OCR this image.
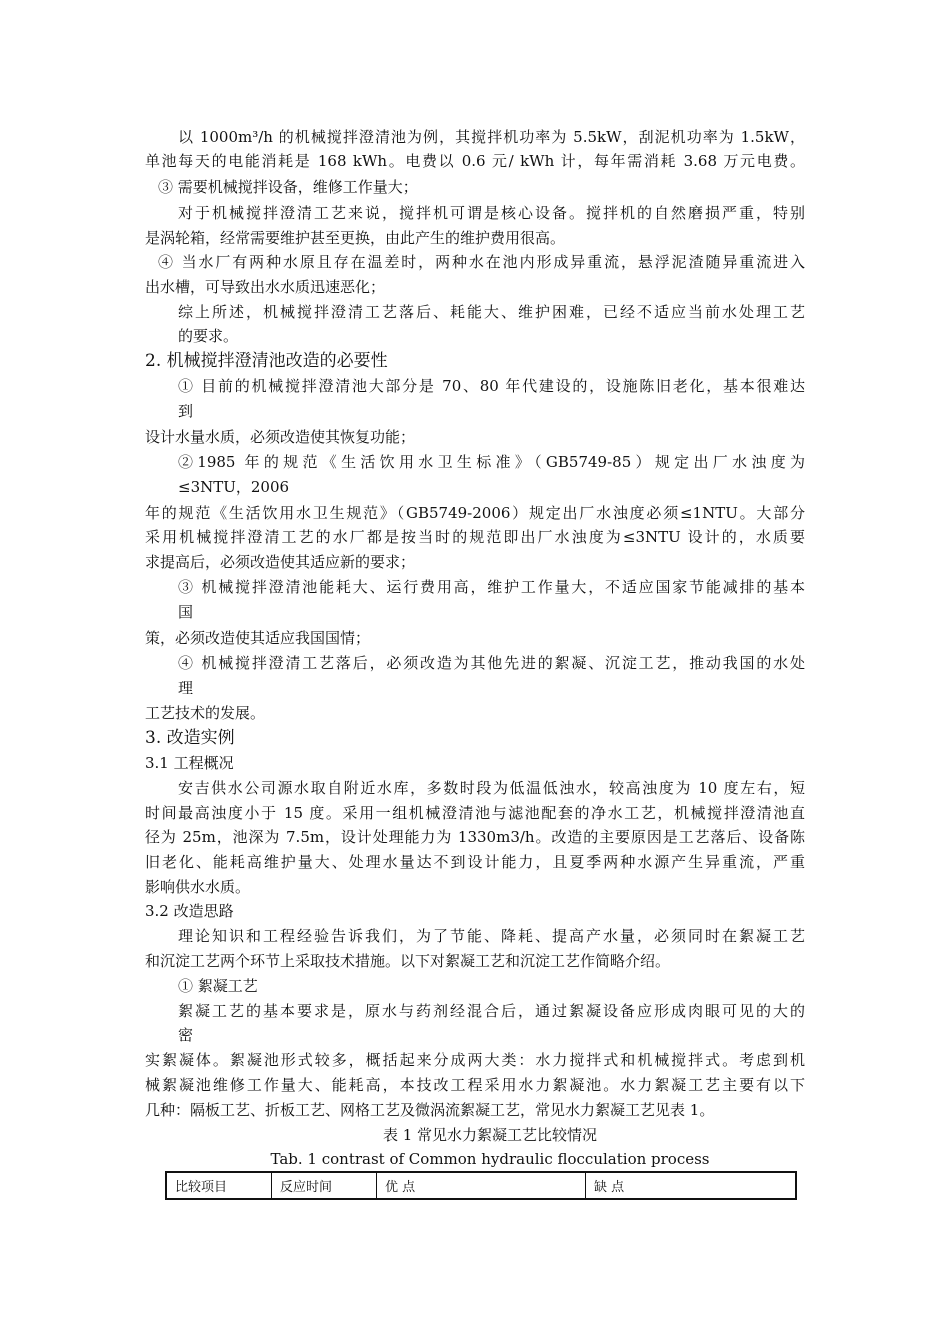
以 1000m³/h 的机械搅拌澄清池为例，其搅拌机功率为 5.5kW，刮泥机功率为 1.5kW，
单池每天的电能消耗是 168 kWh。电费以 0.6 元/ kWh 计，每年需消耗 3.68 万元电费。
③ 需要机械搅拌设备，维修工作量大；
对于机械搅拌澄清工艺来说，搅拌机可谓是核心设备。搅拌机的自然磨损严重，特别
是涡轮箱，经常需要维护甚至更换，由此产生的维护费用很高。
④ 当水厂有两种水原且存在温差时，两种水在池内形成异重流，悬浮泥渣随异重流进入
出水槽，可导致出水水质迅速恶化；
综上所述，机械搅拌澄清工艺落后、耗能大、维护困难，已经不适应当前水处理工艺
的要求。
2. 机械搅拌澄清池改造的必要性
① 目前的机械搅拌澄清池大部分是 70、80 年代建设的，设施陈旧老化，基本很难达
到
设计水量水质，必须改造使其恢复功能；
②1985 年的规范《生活饮用水卫生标准》（GB5749-85）规定出厂水浊度为
≤3NTU，2006
年的规范《生活饮用水卫生规范》（GB5749-2006）规定出厂水浊度必须≤1NTU。大部分
采用机械搅拌澄清工艺的水厂都是按当时的规范即出厂水浊度为≤3NTU 设计的，水质要
求提高后，必须改造使其适应新的要求；
③ 机械搅拌澄清池能耗大、运行费用高，维护工作量大，不适应国家节能减排的基本
国
策，必须改造使其适应我国国情；
④ 机械搅拌澄清工艺落后，必须改造为其他先进的絮凝、沉淀工艺，推动我国的水处
理
工艺技术的发展。
3. 改造实例
3.1 工程概况
安吉供水公司源水取自附近水库，多数时段为低温低浊水，较高浊度为 10 度左右，短
时间最高浊度小于 15 度。采用一组机械澄清池与滤池配套的净水工艺，机械搅拌澄清池直
径为 25m，池深为 7.5m，设计处理能力为 1330m3/h。改造的主要原因是工艺落后、设备陈
旧老化、能耗高维护量大、处理水量达不到设计能力，且夏季两种水源产生异重流，严重
影响供水水质。
3.2 改造思路
理论知识和工程经验告诉我们，为了节能、降耗、提高产水量，必须同时在絮凝工艺
和沉淀工艺两个环节上采取技术措施。以下对絮凝工艺和沉淀工艺作简略介绍。
① 絮凝工艺
絮凝工艺的基本要求是，原水与药剂经混合后，通过絮凝设备应形成肉眼可见的大的
密
实絮凝体。絮凝池形式较多，概括起来分成两大类：水力搅拌式和机械搅拌式。考虑到机
械絮凝池维修工作量大、能耗高，本技改工程采用水力絮凝池。水力絮凝工艺主要有以下
几种：隔板工艺、折板工艺、网格工艺及微涡流絮凝工艺，常见水力絮凝工艺见表 1。
表 1 常见水力絮凝工艺比较情况
Tab. 1 contrast of Common hydraulic flocculation process
比较项目	反应时间	优 点	缺 点
